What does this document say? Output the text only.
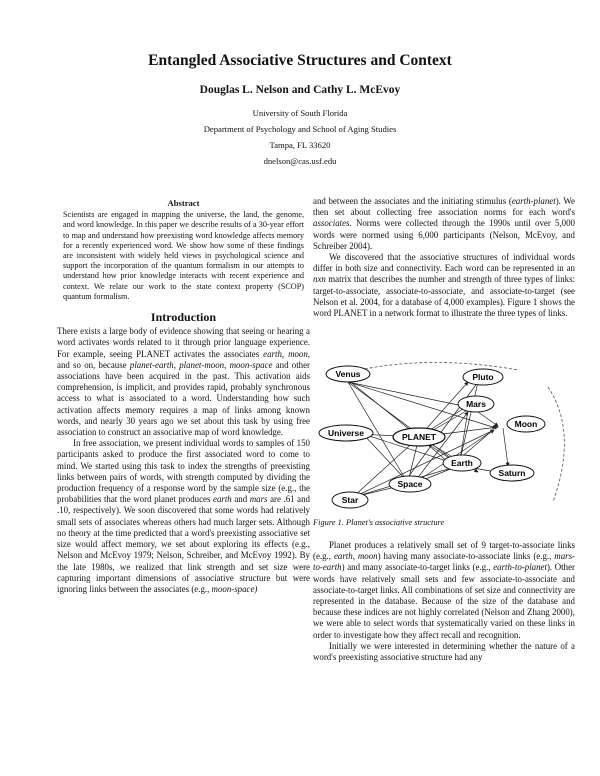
Entangled Associative Structures and Context
Douglas L. Nelson and Cathy L. McEvoy
University of South Florida
Department of Psychology and School of Aging Studies
Tampa, FL 33620
dnelson@cas.usf.edu
Abstract
Scientists are engaged in mapping the universe, the land, the genome, and word knowledge. In this paper we describe results of a 30-year effort to map and understand how preexisting word knowledge affects memory for a recently experienced word. We show how some of these findings are inconsistent with widely held views in psychological science and support the incorporation of the quantum formalism in our attempts to understand how prior knowledge interacts with recent experience and context. We relate our work to the state context property (SCOP) quantum formalism.
Introduction

There exists a large body of evidence showing that seeing or hearing a word activates words related to it through prior language experience. For example, seeing PLANET activates the associates earth, moon, and so on, because planet-earth, planet-moon, moon-space and other associations have been acquired in the past. This activation aids comprehension, is implicit, and provides rapid, probably synchronous access to what is associated to a word. Understanding how such activation affects memory requires a map of links among known words, and nearly 30 years ago we set about this task by using free association to construct an associative map of word knowledge.

In free association, we present individual words to samples of 150 participants asked to produce the first associated word to come to mind. We started using this task to index the strengths of preexisting links between pairs of words, with strength computed by dividing the production frequency of a response word by the sample size (e.g., the probabilities that the word planet produces earth and mars are .61 and .10, respectively). We soon discovered that some words had relatively small sets of associates whereas others had much larger sets. Although no theory at the time predicted that a word's preexisting associative set size would affect memory, we set about exploring its effects (e.g., Nelson and McEvoy 1979; Nelson, Schreiber, and McEvoy 1992). By the late 1980s, we realized that link strength and set size were capturing important dimensions of associative structure but were ignoring links between the associates (e.g., moon-space)

and between the associates and the initiating stimulus (earth-planet). We then set about collecting free association norms for each word's associates. Norms were collected through the 1990s until over 5,000 words were normed using 6,000 participants (Nelson, McEvoy, and Schreiber 2004).

We discovered that the associative structures of individual words differ in both size and connectivity. Each word can be represented in an nxn matrix that describes the number and strength of three types of links: target-to-associate, associate-to-associate, and associate-to-target (see Nelson et al. 2004, for a database of 4,000 examples). Figure 1 shows the word PLANET in a network format to illustrate the three types of links.

Venus	Pluto
Mars
Moon
Universe	PLANET
Earth
Saturn
Space
Star
Figure 1. Planet's associative structure

Planet produces a relatively small set of 9 target-to-associate links (e.g., earth, moon) having many associate-to-associate links (e.g., mars-to-earth) and many associate-to-target links (e.g., earth-to-planet). Other words have relatively small sets and few associate-to-associate and associate-to-target links. All combinations of set size and connectivity are represented in the database. Because of the size of the database and because these indices are not highly correlated (Nelson and Zhang 2000), we were able to select words that systematically varied on these links in order to investigate how they affect recall and recognition.

Initially we were interested in determining whether the nature of a word's preexisting associative structure had any
